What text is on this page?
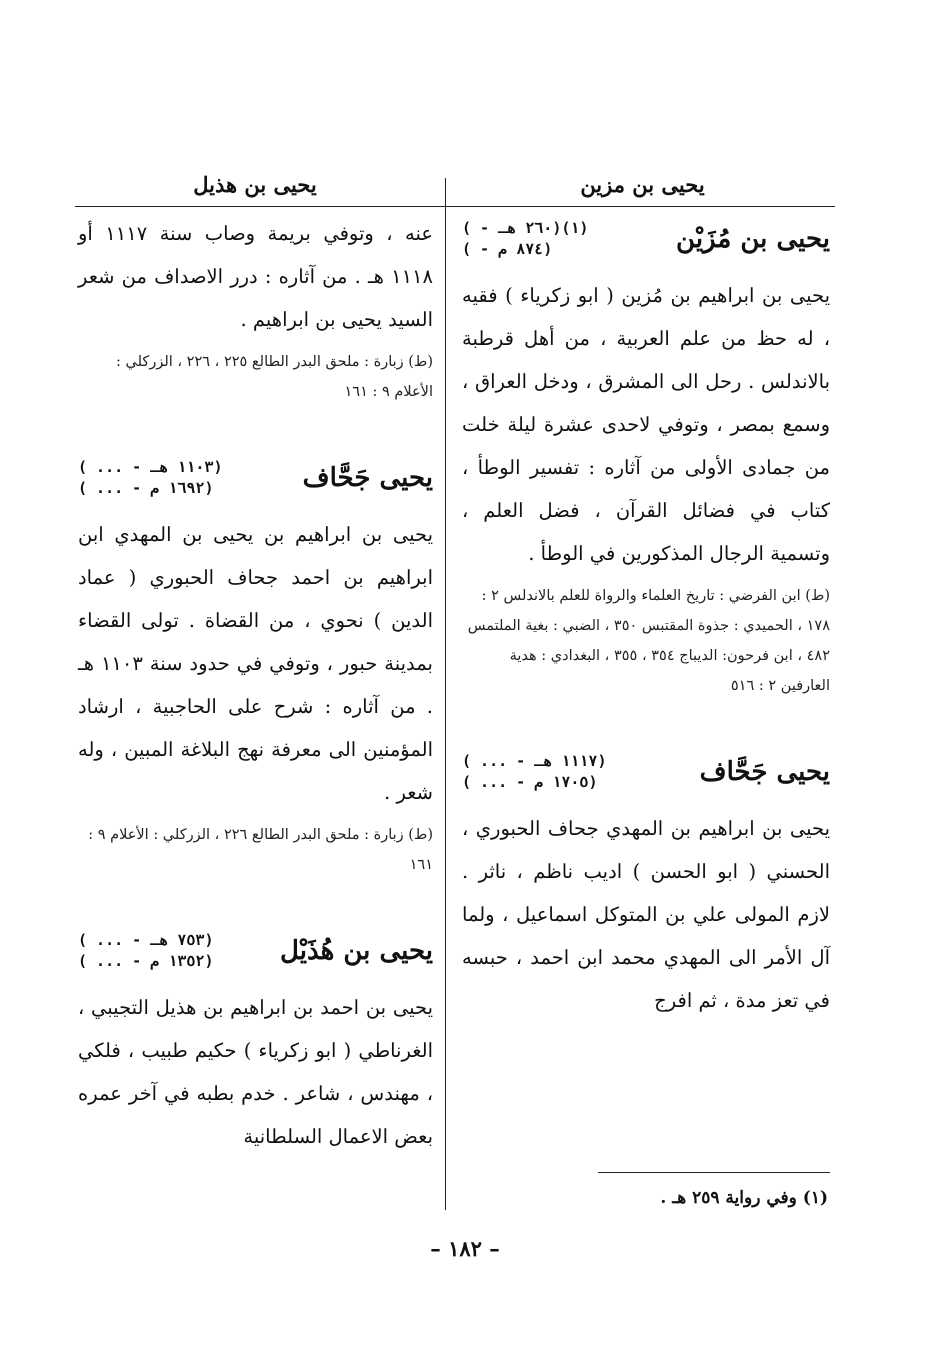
يحيى بن مزين
يحيى بن هذيل
يحيى بن مُزَيْن
( - ٢٦٠ هـ)(١)
( - ٨٧٤ م)

يحيى بن ابراهيم بن مُزين ( ابو زكرياء ) فقيه ، له حظ من علم العربية ، من أهل قرطبة بالاندلس . رحل الى المشرق ، ودخل العراق ، وسمع بمصر ، وتوفي لاحدى عشرة ليلة خلت من جمادى الأولى من آثاره : تفسير الوطأ ، كتاب في فضائل القرآن ، فضل العلم ، وتسمية الرجال المذكورين في الوطأ .

(ط) ابن الفرضي : تاريخ العلماء والرواة للعلم بالاندلس ٢ : ١٧٨ ، الحميدي : جذوة المقتبس ٣٥٠ ، الضبي : بغية الملتمس ٤٨٢ ، ابن فرحون: الديباج ٣٥٤ ، ٣٥٥ ، البغدادي : هدية العارفين ٢ : ٥١٦

يحيى جَحَّاف
( ... - ١١١٧ هـ)
( ... - ١٧٠٥ م)

يحيى بن ابراهيم بن المهدي جحاف الحبوري ، الحسني ( ابو الحسن ) اديب ناظم ، ناثر . لازم المولى علي بن المتوكل اسماعيل ، ولما آل الأمر الى المهدي محمد ابن احمد ، حبسه في تعز مدة ، ثم افرج

عنه ، وتوفي بريمة وصاب سنة ١١١٧ أو ١١١٨ هـ . من آثاره : درر الاصداف من شعر السيد يحيى بن ابراهيم .

(ط) زبارة : ملحق البدر الطالع ٢٢٥ ، ٢٢٦ ، الزركلي : الأعلام ٩ : ١٦١

يحيى جَحَّاف
( ... - ١١٠٣ هـ)
( ... - ١٦٩٢ م)

يحيى بن ابراهيم بن يحيى بن المهدي ابن ابراهيم بن احمد جحاف الحبوري ( عماد الدين ) نحوي ، من القضاة . تولى القضاء بمدينة حبور ، وتوفي في حدود سنة ١١٠٣ هـ . من آثاره : شرح على الحاجبية ، ارشاد المؤمنين الى معرفة نهج البلاغة المبين ، وله شعر .

(ط) زبارة : ملحق البدر الطالع ٢٢٦ ، الزركلي : الأعلام ٩ : ١٦١

يحيى بن هُذَيْل
( ... - ٧٥٣ هـ)
( ... - ١٣٥٢ م)

يحيى بن احمد بن ابراهيم بن هذيل التجيبي ، الغرناطي ( ابو زكرياء ) حكيم طبيب ، فلكي ، مهندس ، شاعر . خدم بطبه في آخر عمره بعض الاعمال السلطانية

(١) وفي رواية ٢٥٩ هـ .
– ١٨٢ –
